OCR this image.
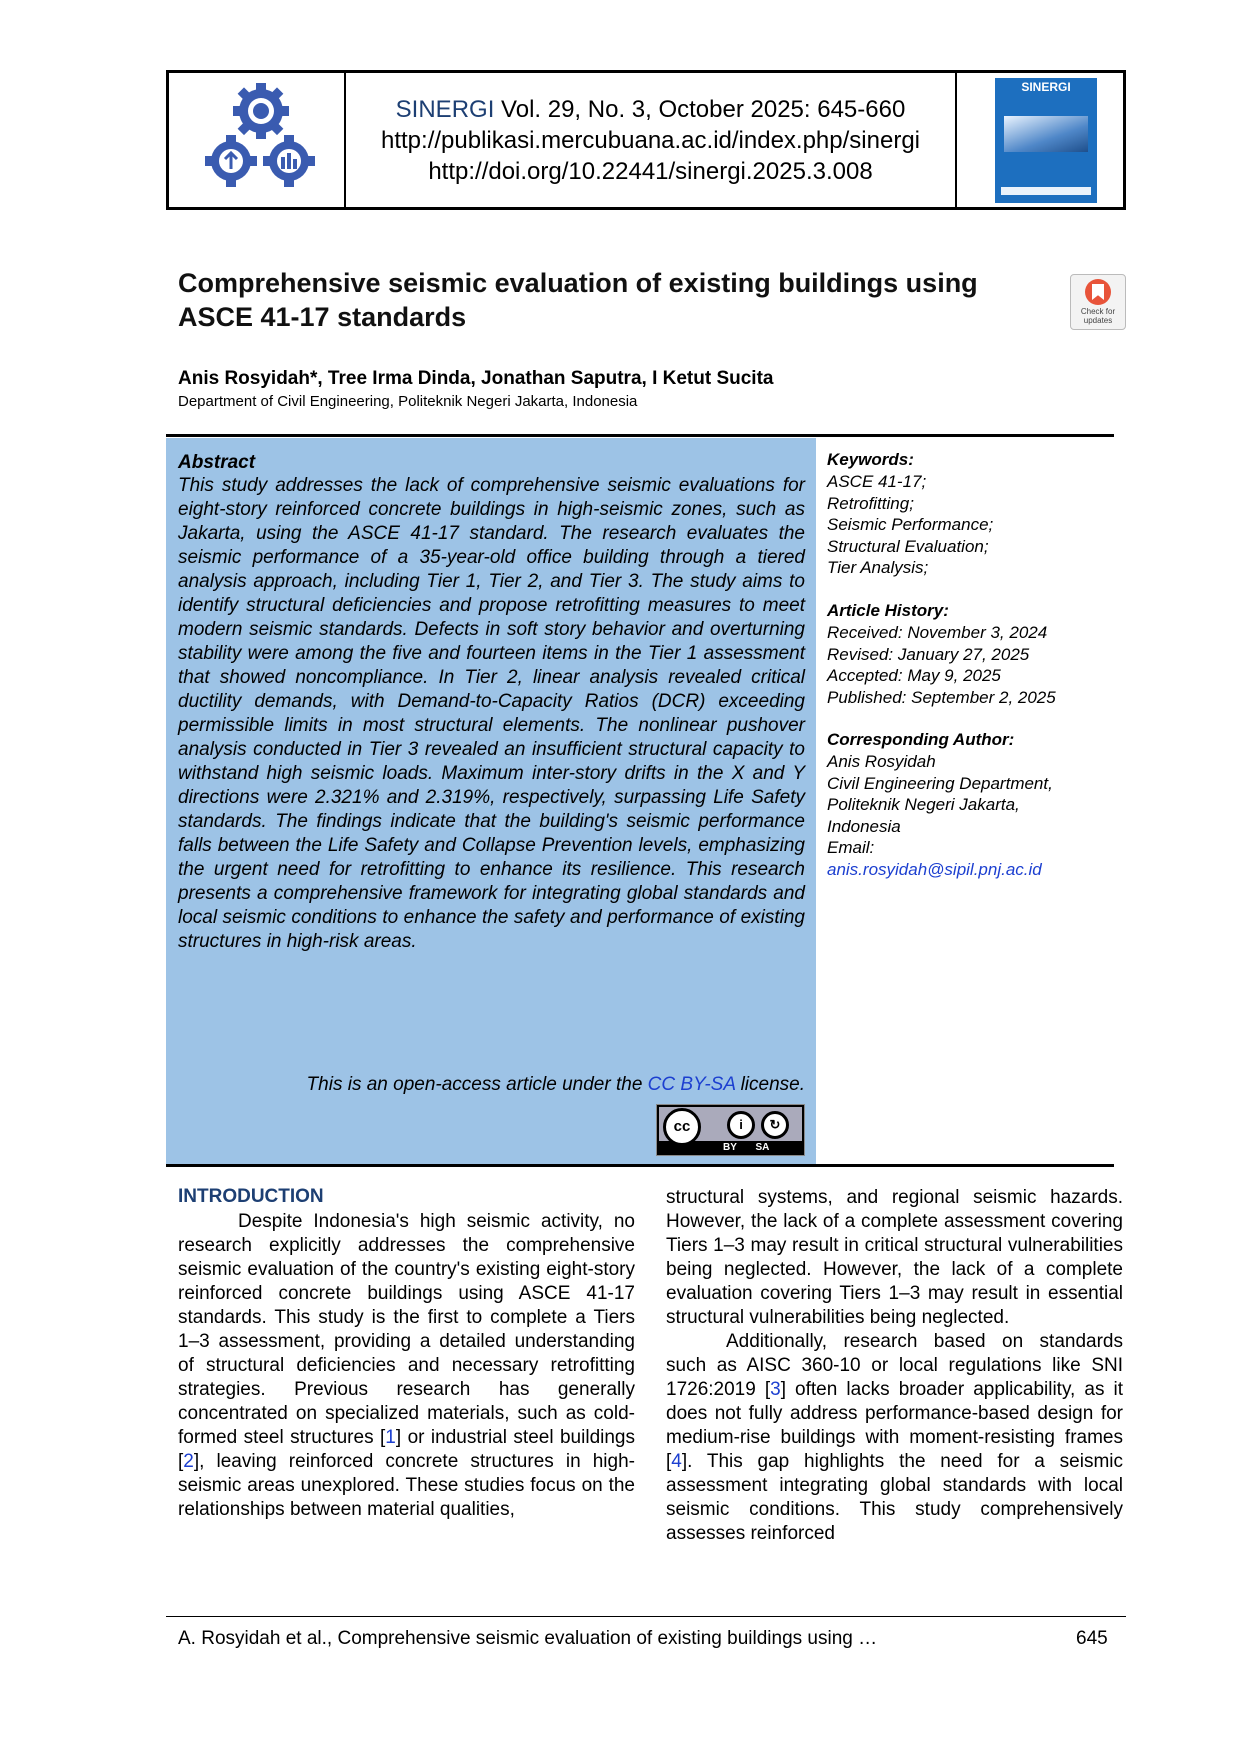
SINERGI Vol. 29, No. 3, October 2025: 645-660
http://publikasi.mercubuana.ac.id/index.php/sinergi
http://doi.org/10.22441/sinergi.2025.3.008
SINERGI
Comprehensive seismic evaluation of existing buildings using ASCE 41-17 standards	Check for updates
Anis Rosyidah*, Tree Irma Dinda, Jonathan Saputra, I Ketut Sucita
Department of Civil Engineering, Politeknik Negeri Jakarta, Indonesia
Abstract
This study addresses the lack of comprehensive seismic evaluations for eight-story reinforced concrete buildings in high-seismic zones, such as Jakarta, using the ASCE 41-17 standard. The research evaluates the seismic performance of a 35-year-old office building through a tiered analysis approach, including Tier 1, Tier 2, and Tier 3. The study aims to identify structural deficiencies and propose retrofitting measures to meet modern seismic standards. Defects in soft story behavior and overturning stability were among the five and fourteen items in the Tier 1 assessment that showed noncompliance. In Tier 2, linear analysis revealed critical ductility demands, with Demand-to-Capacity Ratios (DCR) exceeding permissible limits in most structural elements. The nonlinear pushover analysis conducted in Tier 3 revealed an insufficient structural capacity to withstand high seismic loads. Maximum inter-story drifts in the X and Y directions were 2.321% and 2.319%, respectively, surpassing Life Safety standards. The findings indicate that the building's seismic performance falls between the Life Safety and Collapse Prevention levels, emphasizing the urgent need for retrofitting to enhance its resilience. This research presents a comprehensive framework for integrating global standards and local seismic conditions to enhance the safety and performance of existing structures in high-risk areas.
This is an open-access article under the CC BY-SA license.
cc	i	↻
BY SA
Keywords:
ASCE 41-17;
Retrofitting;
Seismic Performance;
Structural Evaluation;
Tier Analysis;
Article History:
Received: November 3, 2024
Revised: January 27, 2025
Accepted: May 9, 2025
Published: September 2, 2025
Corresponding Author:
Anis Rosyidah
Civil Engineering Department,
Politeknik Negeri Jakarta,
Indonesia
Email:
anis.rosyidah@sipil.pnj.ac.id
INTRODUCTION

Despite Indonesia's high seismic activity, no research explicitly addresses the comprehensive seismic evaluation of the country's existing eight-story reinforced concrete buildings using ASCE 41-17 standards. This study is the first to complete a Tiers 1–3 assessment, providing a detailed understanding of structural deficiencies and necessary retrofitting strategies. Previous research has generally concentrated on specialized materials, such as cold-formed steel structures [1] or industrial steel buildings [2], leaving reinforced concrete structures in high-seismic areas unexplored. These studies focus on the relationships between material qualities,

structural systems, and regional seismic hazards. However, the lack of a complete assessment covering Tiers 1–3 may result in critical structural vulnerabilities being neglected. However, the lack of a complete evaluation covering Tiers 1–3 may result in essential structural vulnerabilities being neglected.

Additionally, research based on standards such as AISC 360-10 or local regulations like SNI 1726:2019 [3] often lacks broader applicability, as it does not fully address performance-based design for medium-rise buildings with moment-resisting frames [4]. This gap highlights the need for a seismic assessment integrating global standards with local seismic conditions. This study comprehensively assesses reinforced

A. Rosyidah et al., Comprehensive seismic evaluation of existing buildings using …	645
